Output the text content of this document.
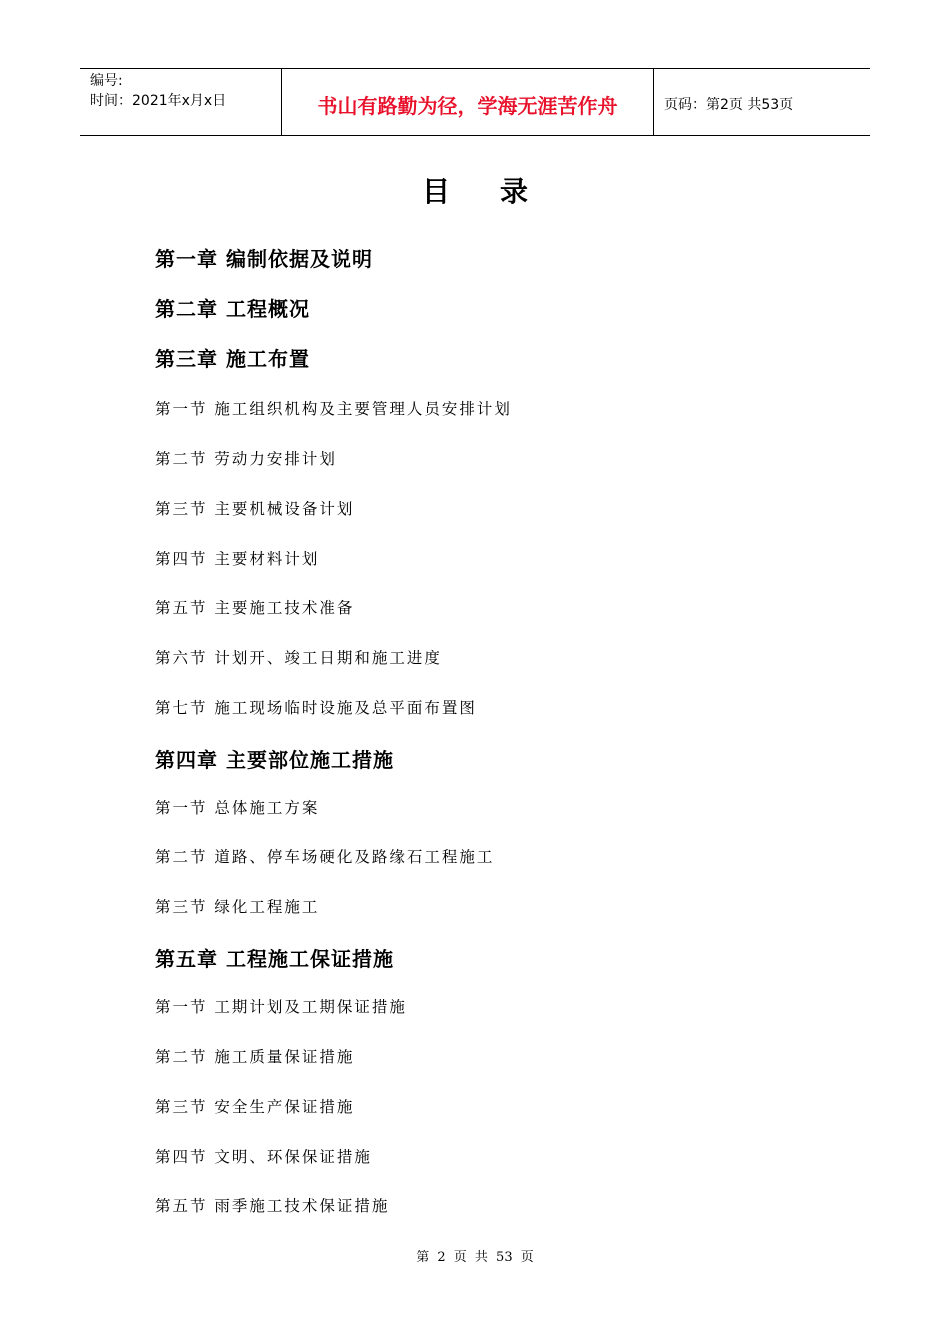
编号:
时间：2021年x月x日	书山有路勤为径，学海无涯苦作舟	页码：第2页 共53页
目录
第一章 编制依据及说明
第二章 工程概况
第三章 施工布置
第一节 施工组织机构及主要管理人员安排计划
第二节 劳动力安排计划
第三节 主要机械设备计划
第四节 主要材料计划
第五节 主要施工技术准备
第六节 计划开、竣工日期和施工进度
第七节 施工现场临时设施及总平面布置图
第四章 主要部位施工措施
第一节 总体施工方案
第二节 道路、停车场硬化及路缘石工程施工
第三节 绿化工程施工
第五章 工程施工保证措施
第一节 工期计划及工期保证措施
第二节 施工质量保证措施
第三节 安全生产保证措施
第四节 文明、环保保证措施
第五节 雨季施工技术保证措施
第 2 页 共 53 页
